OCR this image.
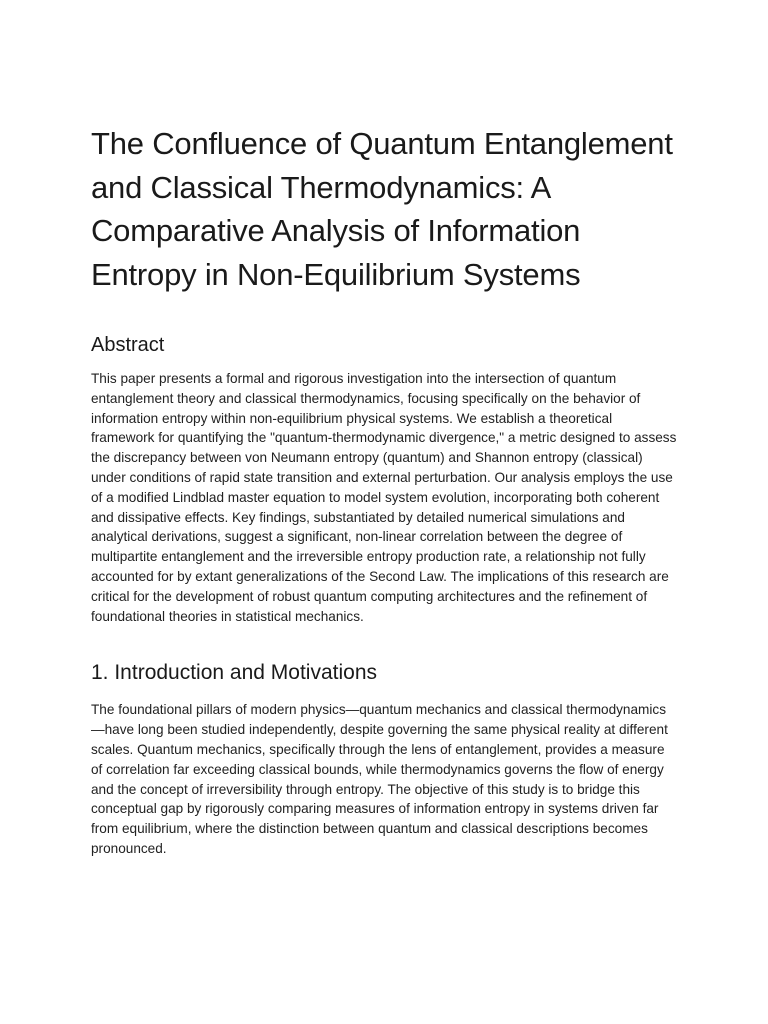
The Confluence of Quantum Entanglement and Classical Thermodynamics: A Comparative Analysis of Information Entropy in Non-Equilibrium Systems
Abstract

This paper presents a formal and rigorous investigation into the intersection of quantum entanglement theory and classical thermodynamics, focusing specifically on the behavior of information entropy within non-equilibrium physical systems. We establish a theoretical framework for quantifying the "quantum-thermodynamic divergence," a metric designed to assess the discrepancy between von Neumann entropy (quantum) and Shannon entropy (classical) under conditions of rapid state transition and external perturbation. Our analysis employs the use of a modified Lindblad master equation to model system evolution, incorporating both coherent and dissipative effects. Key findings, substantiated by detailed numerical simulations and analytical derivations, suggest a significant, non-linear correlation between the degree of multipartite entanglement and the irreversible entropy production rate, a relationship not fully accounted for by extant generalizations of the Second Law. The implications of this research are critical for the development of robust quantum computing architectures and the refinement of foundational theories in statistical mechanics.

1. Introduction and Motivations

The foundational pillars of modern physics—quantum mechanics and classical thermodynamics—have long been studied independently, despite governing the same physical reality at different scales. Quantum mechanics, specifically through the lens of entanglement, provides a measure of correlation far exceeding classical bounds, while thermodynamics governs the flow of energy and the concept of irreversibility through entropy. The objective of this study is to bridge this conceptual gap by rigorously comparing measures of information entropy in systems driven far from equilibrium, where the distinction between quantum and classical descriptions becomes pronounced.
